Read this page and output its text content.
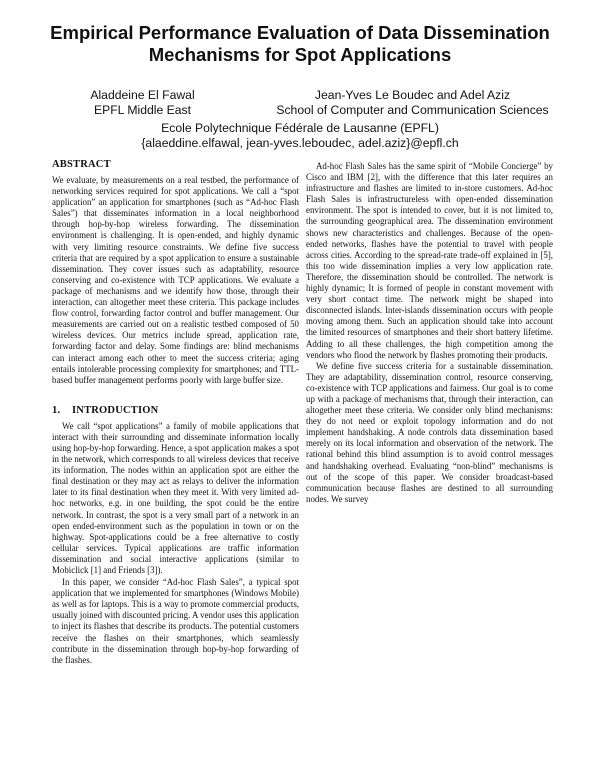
Empirical Performance Evaluation of Data Dissemination Mechanisms for Spot Applications
Aladdeine El Fawal	Jean-Yves Le Boudec and Adel Aziz
EPFL Middle East	School of Computer and Communication Sciences
Ecole Polytechnique Fédérale de Lausanne (EPFL)
{alaeddine.elfawal, jean-yves.leboudec, adel.aziz}@epfl.ch
ABSTRACT

We evaluate, by measurements on a real testbed, the performance of networking services required for spot applications. We call a “spot application” an application for smartphones (such as “Ad-hoc Flash Sales”) that disseminates information in a local neighborhood through hop-by-hop wireless forwarding. The dissemination environment is challenging. It is open-ended, and highly dynamic with very limiting resource constraints. We define five success criteria that are required by a spot application to ensure a sustainable dissemination. They cover issues such as adaptability, resource conserving and co-existence with TCP applications. We evaluate a package of mechanisms and we identify how those, through their interaction, can altogether meet these criteria. This package includes flow control, forwarding factor control and buffer management. Our measurements are carried out on a realistic testbed composed of 50 wireless devices. Our metrics include spread, application rate, forwarding factor and delay. Some findings are: blind mechanisms can interact among each other to meet the success criteria; aging entails intolerable processing complexity for smartphones; and TTL-based buffer management performs poorly with large buffer size.

1. INTRODUCTION

We call “spot applications” a family of mobile applications that interact with their surrounding and disseminate information locally using hop-by-hop forwarding. Hence, a spot application makes a spot in the network, which corresponds to all wireless devices that receive its information. The nodes within an application spot are either the final destination or they may act as relays to deliver the information later to its final destination when they meet it. With very limited ad-hoc networks, e.g. in one building, the spot could be the entire network. In contrast, the spot is a very small part of a network in an open ended-environment such as the population in town or on the highway. Spot-applications could be a free alternative to costly cellular services. Typical applications are traffic information dissemination and social interactive applications (similar to Mobiclick [1] and Friends [3]).

In this paper, we consider “Ad-hoc Flash Sales”, a typical spot application that we implemented for smartphones (Windows Mobile) as well as for laptops. This is a way to promote commercial products, usually joined with discounted pricing. A vendor uses this application to inject its flashes that describe its products. The potential customers receive the flashes on their smartphones, which seamlessly contribute in the dissemination through hop-by-hop forwarding of the flashes.

Ad-hoc Flash Sales has the same spirit of “Mobile Concierge” by Cisco and IBM [2], with the difference that this later requires an infrastructure and flashes are limited to in-store customers. Ad-hoc Flash Sales is infrastructureless with open-ended dissemination environment. The spot is intended to cover, but it is not limited to, the surrounding geographical area. The dissemination environment shows new characteristics and challenges. Because of the open-ended networks, flashes have the potential to travel with people across cities. According to the spread-rate trade-off explained in [5], this too wide dissemination implies a very low application rate. Therefore, the dissemination should be controlled. The network is highly dynamic; It is formed of people in constant movement with very short contact time. The network might be shaped into disconnected islands. Inter-islands dissemination occurs with people moving among them. Such an application should take into account the limited resources of smartphones and their short battery lifetime. Adding to all these challenges, the high competition among the vendors who flood the network by flashes promoting their products.

We define five success criteria for a sustainable dissemination. They are adaptability, dissemination control, resource conserving, co-existence with TCP applications and fairness. Our goal is to come up with a package of mechanisms that, through their interaction, can altogether meet these criteria. We consider only blind mechanisms: they do not need or exploit topology information and do not implement handshaking. A node controls data dissemination based merely on its local information and observation of the network. The rational behind this blind assumption is to avoid control messages and handshaking overhead. Evaluating “non-blind” mechanisms is out of the scope of this paper. We consider broadcast-based communication because flashes are destined to all surrounding nodes. We survey
